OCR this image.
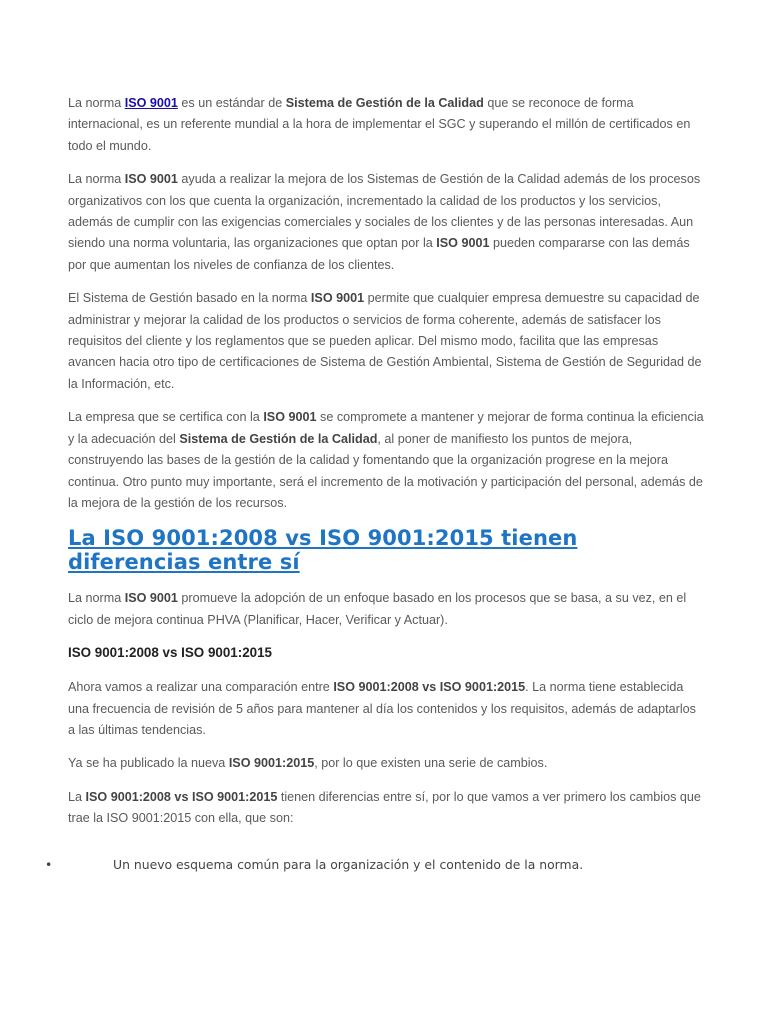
La norma ISO 9001 es un estándar de Sistema de Gestión de la Calidad que se reconoce de forma internacional, es un referente mundial a la hora de implementar el SGC y superando el millón de certificados en todo el mundo.

La norma ISO 9001 ayuda a realizar la mejora de los Sistemas de Gestión de la Calidad además de los procesos organizativos con los que cuenta la organización, incrementado la calidad de los productos y los servicios, además de cumplir con las exigencias comerciales y sociales de los clientes y de las personas interesadas. Aun siendo una norma voluntaria, las organizaciones que optan por la ISO 9001 pueden compararse con las demás por que aumentan los niveles de confianza de los clientes.

El Sistema de Gestión basado en la norma ISO 9001 permite que cualquier empresa demuestre su capacidad de administrar y mejorar la calidad de los productos o servicios de forma coherente, además de satisfacer los requisitos del cliente y los reglamentos que se pueden aplicar. Del mismo modo, facilita que las empresas avancen hacia otro tipo de certificaciones de Sistema de Gestión Ambiental, Sistema de Gestión de Seguridad de la Información, etc.

La empresa que se certifica con la ISO 9001 se compromete a mantener y mejorar de forma continua la eficiencia y la adecuación del Sistema de Gestión de la Calidad, al poner de manifiesto los puntos de mejora, construyendo las bases de la gestión de la calidad y fomentando que la organización progrese en la mejora continua. Otro punto muy importante, será el incremento de la motivación y participación del personal, además de la mejora de la gestión de los recursos.

La ISO 9001:2008 vs ISO 9001:2015 tienen diferencias entre sí

La norma ISO 9001 promueve la adopción de un enfoque basado en los procesos que se basa, a su vez, en el ciclo de mejora continua PHVA (Planificar, Hacer, Verificar y Actuar).

ISO 9001:2008 vs ISO 9001:2015

Ahora vamos a realizar una comparación entre ISO 9001:2008 vs ISO 9001:2015. La norma tiene establecida una frecuencia de revisión de 5 años para mantener al día los contenidos y los requisitos, además de adaptarlos a las últimas tendencias.

Ya se ha publicado la nueva ISO 9001:2015, por lo que existen una serie de cambios.

La ISO 9001:2008 vs ISO 9001:2015 tienen diferencias entre sí, por lo que vamos a ver primero los cambios que trae la ISO 9001:2015 con ella, que son:

•	Un nuevo esquema común para la organización y el contenido de la norma.
